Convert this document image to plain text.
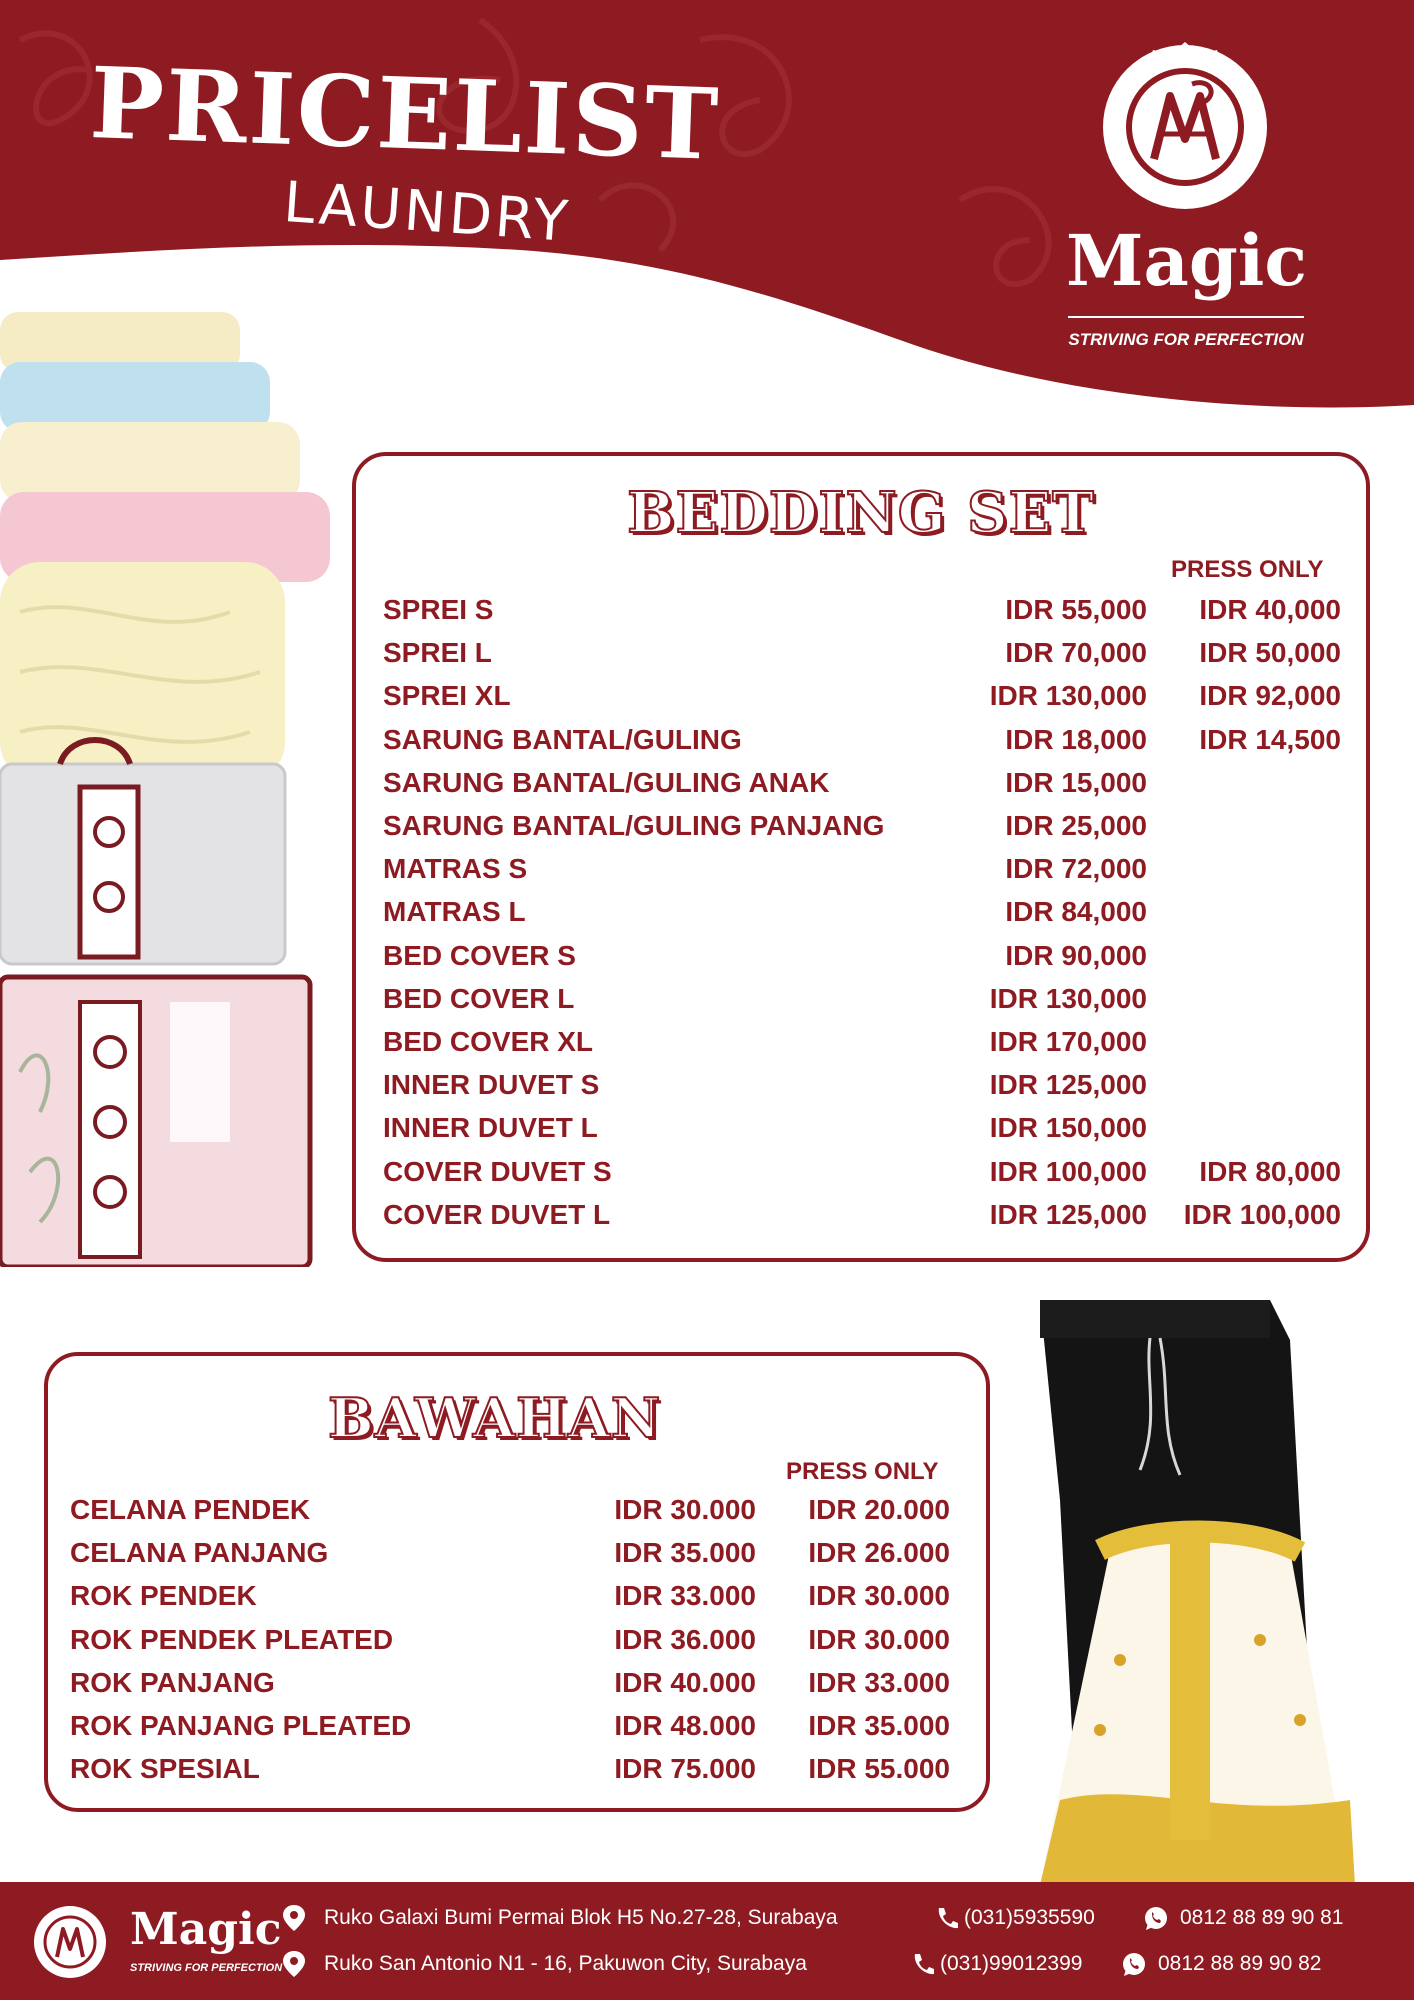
PRICELIST
LAUNDRY
Magic
STRIVING FOR PERFECTION
BEDDING SET
PRESS ONLY
SPREI S	IDR 55,000 IDR 40,000
SPREI L	IDR 70,000 IDR 50,000
SPREI XL	IDR 130,000 IDR 92,000
SARUNG BANTAL/GULING	IDR 18,000 IDR 14,500
SARUNG BANTAL/GULING ANAK	IDR 15,000
SARUNG BANTAL/GULING PANJANG	IDR 25,000
MATRAS S	IDR 72,000
MATRAS L	IDR 84,000
BED COVER S	IDR 90,000
BED COVER L	IDR 130,000
BED COVER XL	IDR 170,000
INNER DUVET S	IDR 125,000
INNER DUVET L	IDR 150,000
COVER DUVET S	IDR 100,000 IDR 80,000
COVER DUVET L	IDR 125,000 IDR 100,000
BAWAHAN
PRESS ONLY
CELANA PENDEK	IDR 30.000 IDR 20.000
CELANA PANJANG	IDR 35.000 IDR 26.000
ROK PENDEK	IDR 33.000 IDR 30.000
ROK PENDEK PLEATED	IDR 36.000 IDR 30.000
ROK PANJANG	IDR 40.000 IDR 33.000
ROK PANJANG PLEATED	IDR 48.000 IDR 35.000
ROK SPESIAL	IDR 75.000 IDR 55.000
Magic
STRIVING FOR PERFECTION
Ruko Galaxi Bumi Permai Blok H5 No.27-28, Surabaya	(031)5935590	0812 88 89 90 81
Ruko San Antonio N1 - 16, Pakuwon City, Surabaya	(031)99012399	0812 88 89 90 82
